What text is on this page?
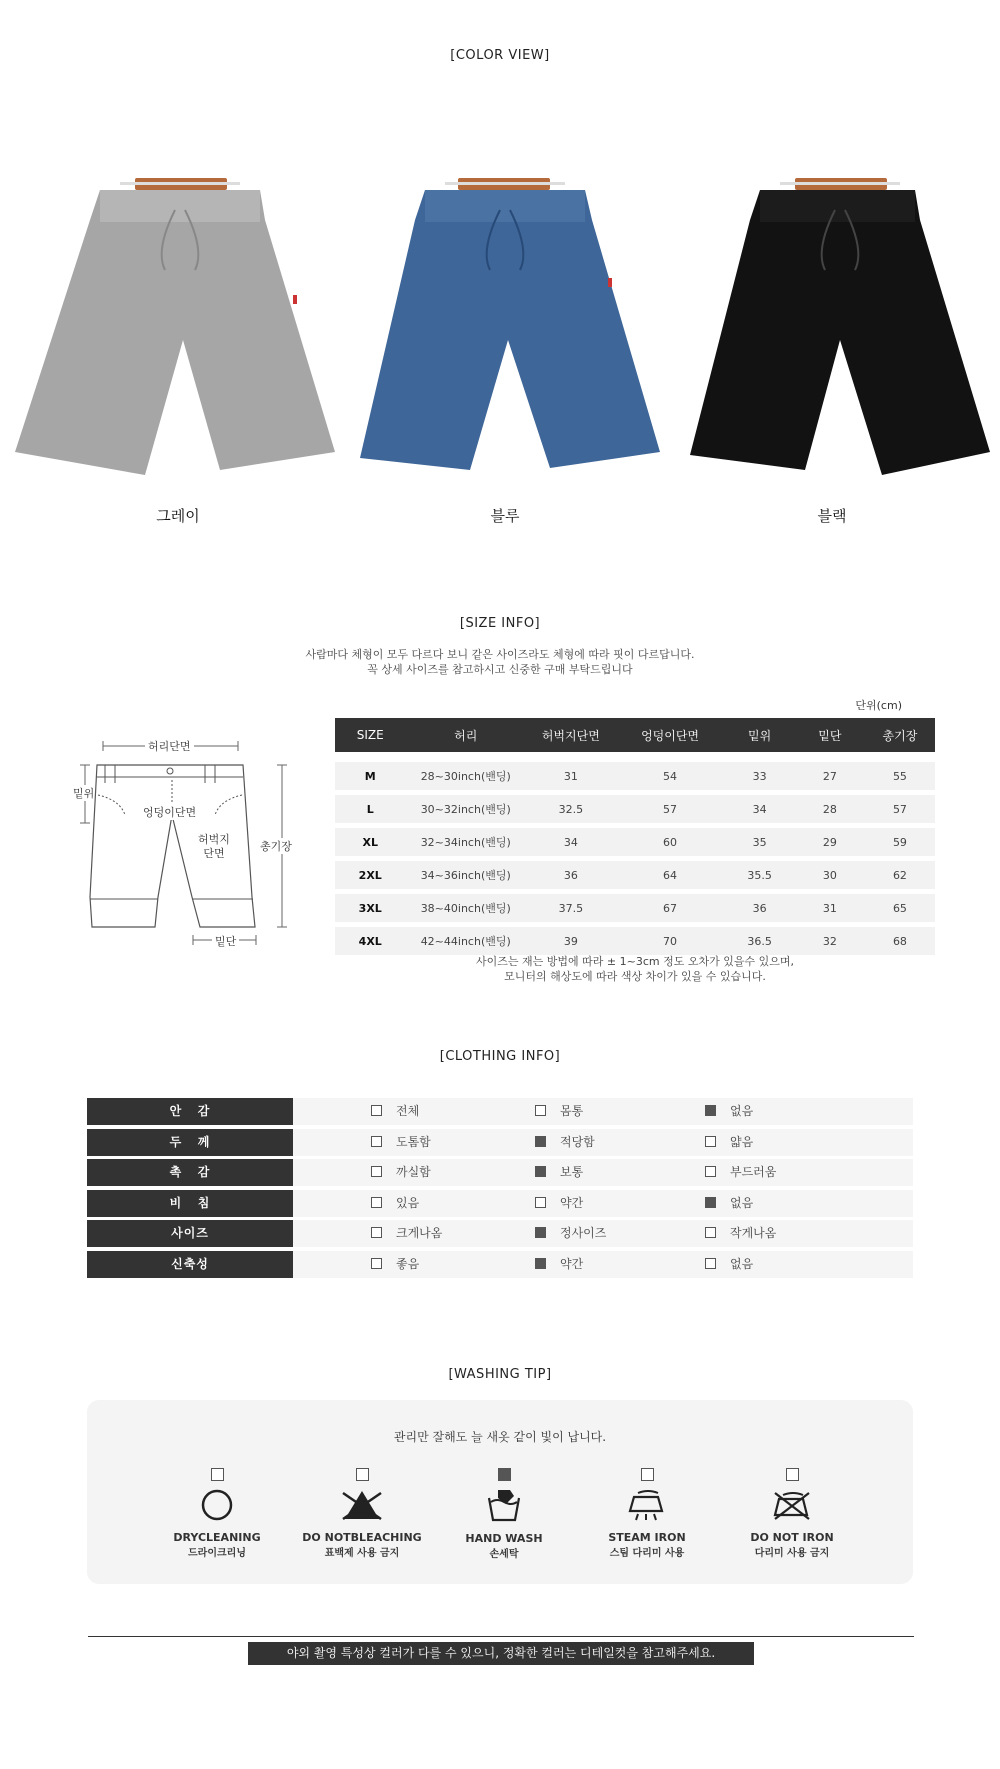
[COLOR VIEW]
그레이	블루	블랙
[SIZE INFO]
사람마다 체형이 모두 다르다 보니 같은 사이즈라도 체형에 따라 핏이 다르답니다.
꼭 상세 사이즈를 참고하시고 신중한 구매 부탁드립니다
허리단면
밑위
엉덩이단면
허벅지
단면
총기장
밑단
단위(cm)
SIZE	허리	허벅지단면	엉덩이단면	밑위	밑단	총기장

M	28~30inch(밴딩)	31	54	33	27	55
L	30~32inch(밴딩)	32.5	57	34	28	57
XL	32~34inch(밴딩)	34	60	35	29	59
2XL	34~36inch(밴딩)	36	64	35.5	30	62
3XL	38~40inch(밴딩)	37.5	67	36	31	65
4XL	42~44inch(밴딩)	39	70	36.5	32	68
사이즈는 재는 방법에 따라 ± 1~3cm 정도 오차가 있을수 있으며,
모니터의 해상도에 따라 색상 차이가 있을 수 있습니다.
[CLOTHING INFO]
안   감	전체	몸통	없음
두   께	도톰함	적당함	얇음
촉   감	까실함	보통	부드러움
비   침	있음	약간	없음
사이즈	크게나옴	정사이즈	작게나옴
신축성	좋음	약간	없음
[WASHING TIP]
관리만 잘해도 늘 새옷 같이 빛이 납니다.
DRYCLEANING
드라이크리닝
DO NOTBLEACHING
표백제 사용 금지
HAND WASH
손세탁
STEAM IRON
스팀 다리미 사용
DO NOT IRON
다리미 사용 금지
야외 촬영 특성상 컬러가 다를 수 있으니, 정확한 컬러는 디테일컷을 참고해주세요.
